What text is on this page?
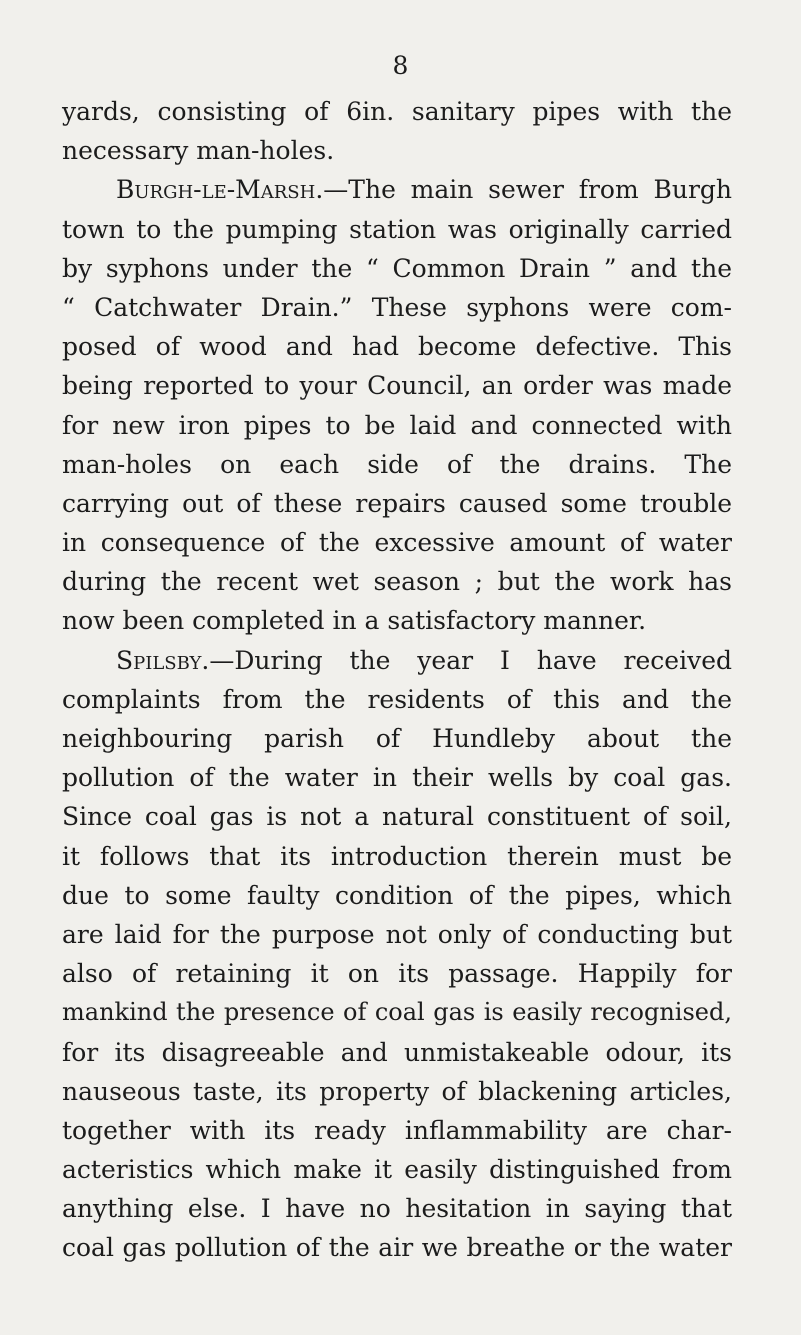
8
yards, consisting of 6in. sanitary pipes with the
necessary man-holes.
Burgh-le-Marsh.—The main sewer from Burgh
town to the pumping station was originally carried
by syphons under the “ Common Drain ” and the
“ Catchwater Drain.” These syphons were com-
posed of wood and had become defective. This
being reported to your Council, an order was made
for new iron pipes to be laid and connected with
man-holes on each side of the drains. The
carrying out of these repairs caused some trouble
in consequence of the excessive amount of water
during the recent wet season ; but the work has
now been completed in a satisfactory manner.
Spilsby.—During the year I have received
complaints from the residents of this and the
neighbouring parish of Hundleby about the
pollution of the water in their wells by coal gas.
Since coal gas is not a natural constituent of soil,
it follows that its introduction therein must be
due to some faulty condition of the pipes, which
are laid for the purpose not only of conducting but
also of retaining it on its passage. Happily for
mankind the presence of coal gas is easily recognised,
for its disagreeable and unmistakeable odour, its
nauseous taste, its property of blackening articles,
together with its ready inflammability are char-
acteristics which make it easily distinguished from
anything else. I have no hesitation in saying that
coal gas pollution of the air we breathe or the water
